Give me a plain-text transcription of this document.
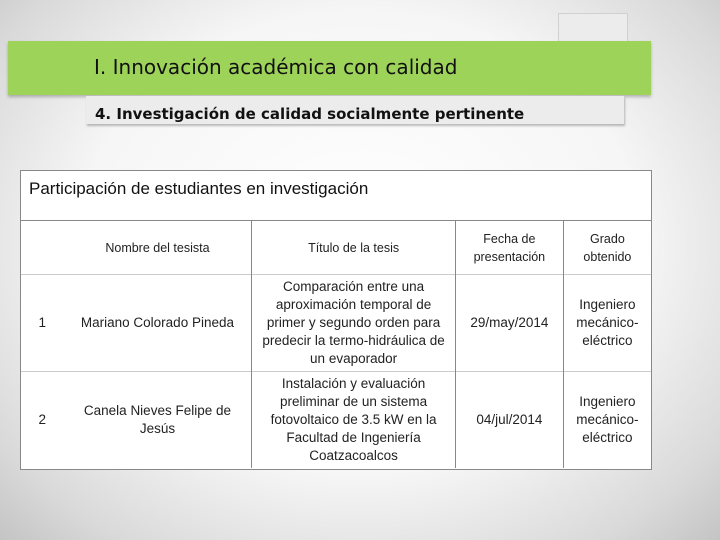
I. Innovación académica con calidad
4. Investigación de calidad socialmente pertinente
Participación de estudiantes en investigación
	Nombre del tesista	Título de la tesis	Fecha de presentación	Grado obtenido
1	Mariano Colorado Pineda	Comparación entre una aproximación temporal de primer y segundo orden para predecir la termo-hidráulica de un evaporador	29/may/2014	Ingeniero mecánico-eléctrico
2	Canela Nieves Felipe de Jesús	Instalación y evaluación preliminar de un sistema fotovoltaico de 3.5 kW en la Facultad de Ingeniería Coatzacoalcos	04/jul/2014	Ingeniero mecánico-eléctrico
